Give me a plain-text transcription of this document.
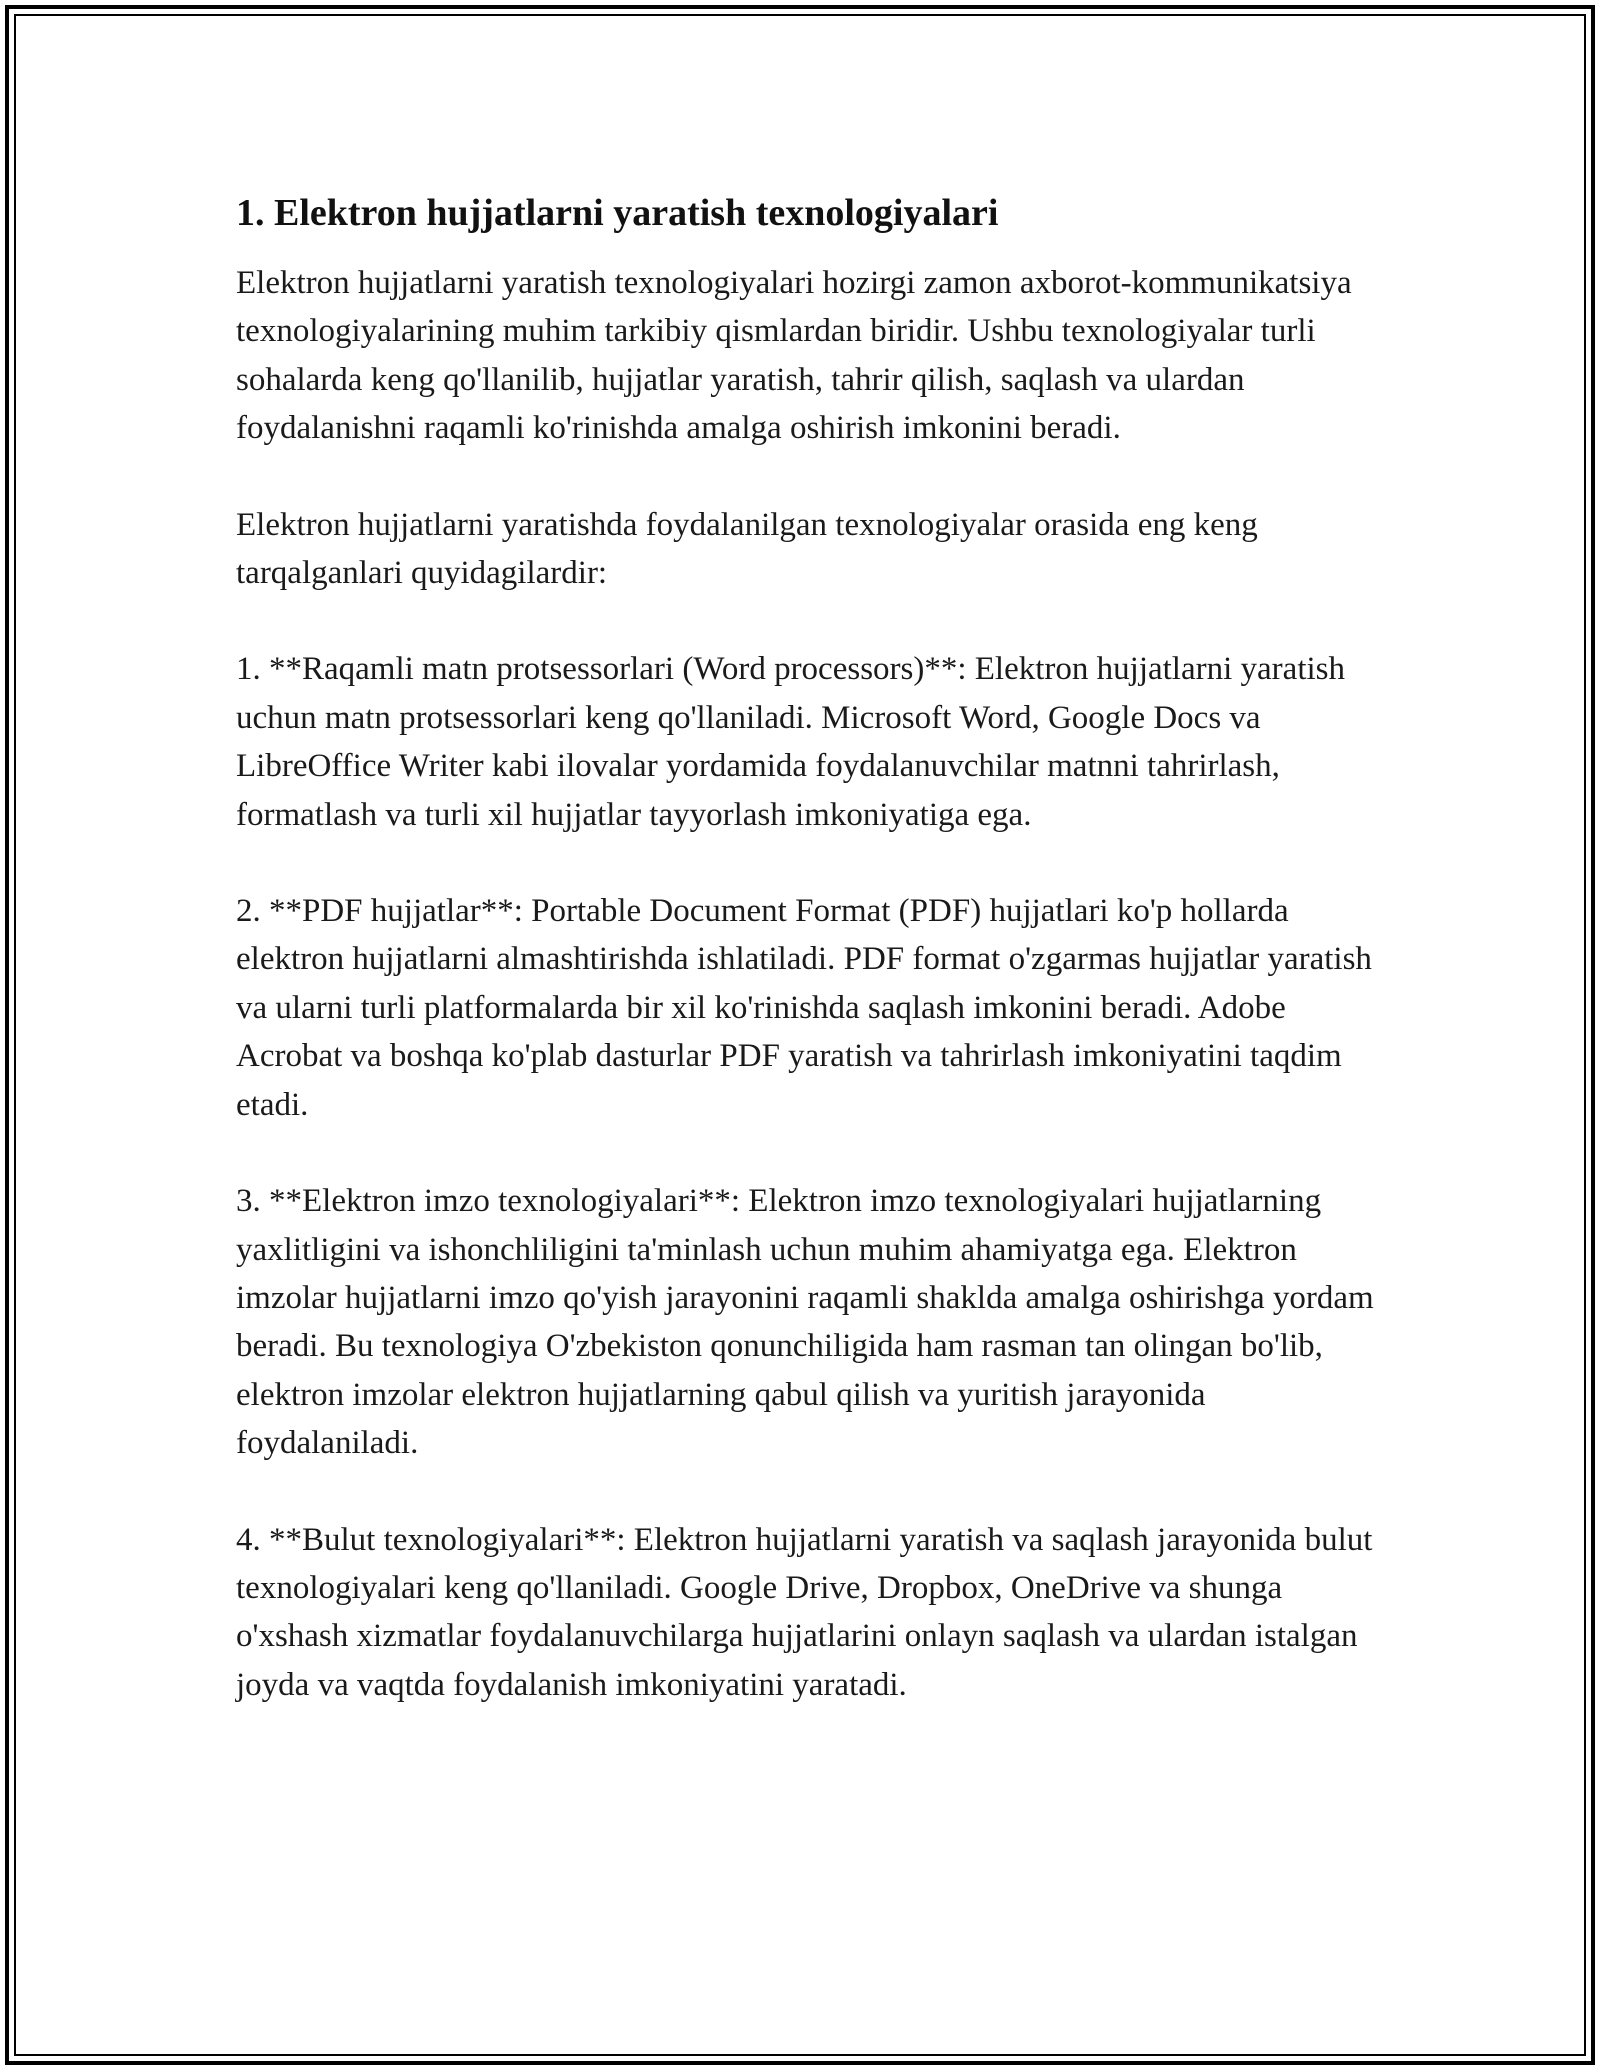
1. Elektron hujjatlarni yaratish texnologiyalari

Elektron hujjatlarni yaratish texnologiyalari hozirgi zamon axborot-kommunikatsiya texnologiyalarining muhim tarkibiy qismlardan biridir. Ushbu texnologiyalar turli sohalarda keng qo'llanilib, hujjatlar yaratish, tahrir qilish, saqlash va ulardan foydalanishni raqamli ko'rinishda amalga oshirish imkonini beradi.

Elektron hujjatlarni yaratishda foydalanilgan texnologiyalar orasida eng keng tarqalganlari quyidagilardir:

1. **Raqamli matn protsessorlari (Word processors)**: Elektron hujjatlarni yaratish uchun matn protsessorlari keng qo'llaniladi. Microsoft Word, Google Docs va LibreOffice Writer kabi ilovalar yordamida foydalanuvchilar matnni tahrirlash, formatlash va turli xil hujjatlar tayyorlash imkoniyatiga ega.

2. **PDF hujjatlar**: Portable Document Format (PDF) hujjatlari ko'p hollarda elektron hujjatlarni almashtirishda ishlatiladi. PDF format o'zgarmas hujjatlar yaratish va ularni turli platformalarda bir xil ko'rinishda saqlash imkonini beradi. Adobe Acrobat va boshqa ko'plab dasturlar PDF yaratish va tahrirlash imkoniyatini taqdim etadi.

3. **Elektron imzo texnologiyalari**: Elektron imzo texnologiyalari hujjatlarning yaxlitligini va ishonchliligini ta'minlash uchun muhim ahamiyatga ega. Elektron imzolar hujjatlarni imzo qo'yish jarayonini raqamli shaklda amalga oshirishga yordam beradi. Bu texnologiya O'zbekiston qonunchiligida ham rasman tan olingan bo'lib, elektron imzolar elektron hujjatlarning qabul qilish va yuritish jarayonida foydalaniladi.

4. **Bulut texnologiyalari**: Elektron hujjatlarni yaratish va saqlash jarayonida bulut texnologiyalari keng qo'llaniladi. Google Drive, Dropbox, OneDrive va shunga o'xshash xizmatlar foydalanuvchilarga hujjatlarini onlayn saqlash va ulardan istalgan joyda va vaqtda foydalanish imkoniyatini yaratadi.
